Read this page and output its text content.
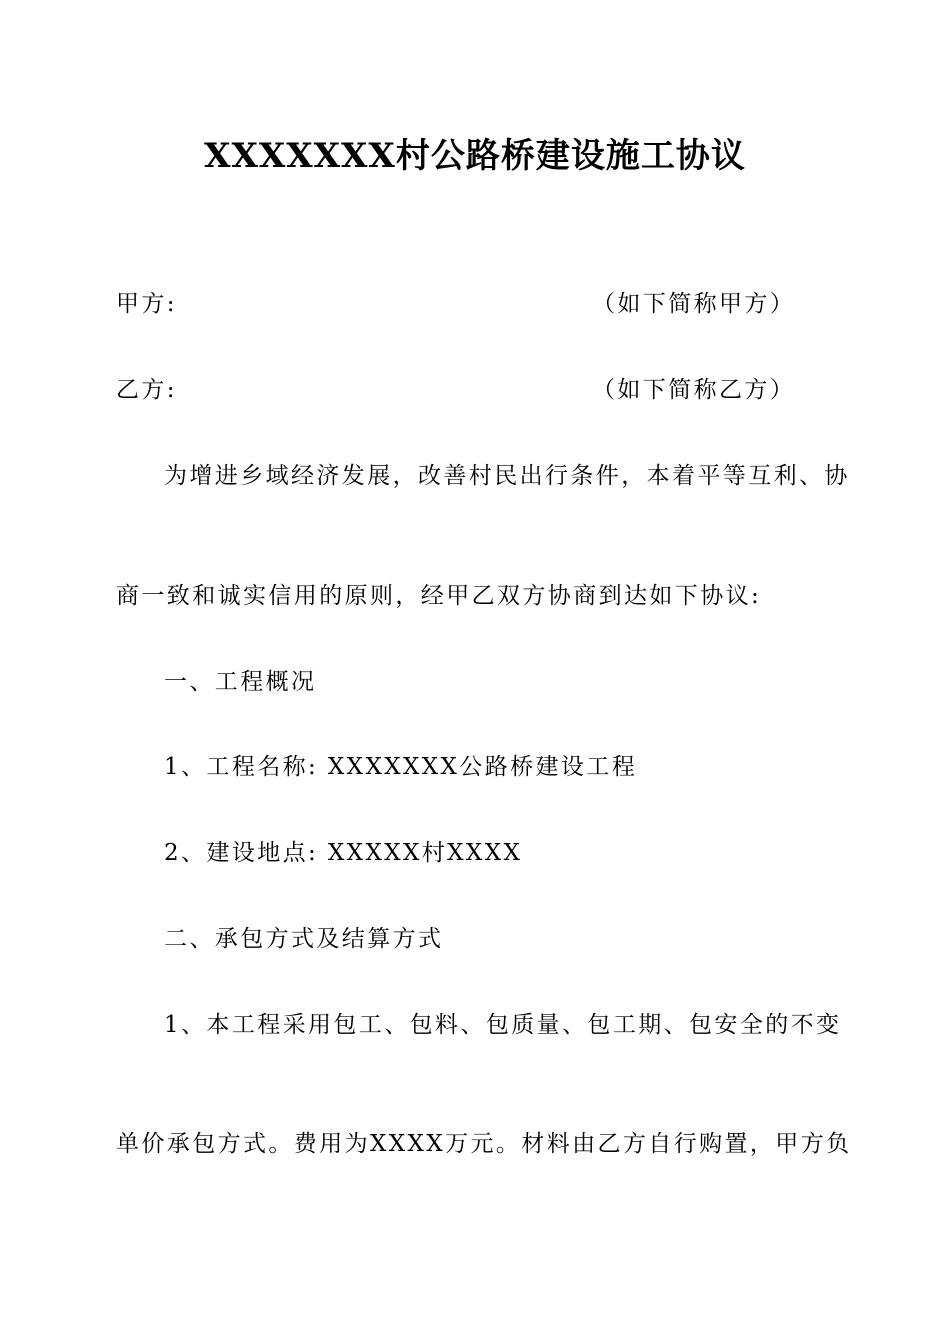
XXXXXXX村公路桥建设施工协议
甲方:	（如下简称甲方）
乙方:	（如下简称乙方）
为增进乡域经济发展，改善村民出行条件，本着平等互利、协
商一致和诚实信用的原则，经甲乙双方协商到达如下协议:
一、工程概况
1、工程名称: XXXXXXX公路桥建设工程
2、建设地点: XXXXX村XXXX
二、承包方式及结算方式
1、本工程采用包工、包料、包质量、包工期、包安全的不变
单价承包方式。费用为XXXX万元。材料由乙方自行购置，甲方负
